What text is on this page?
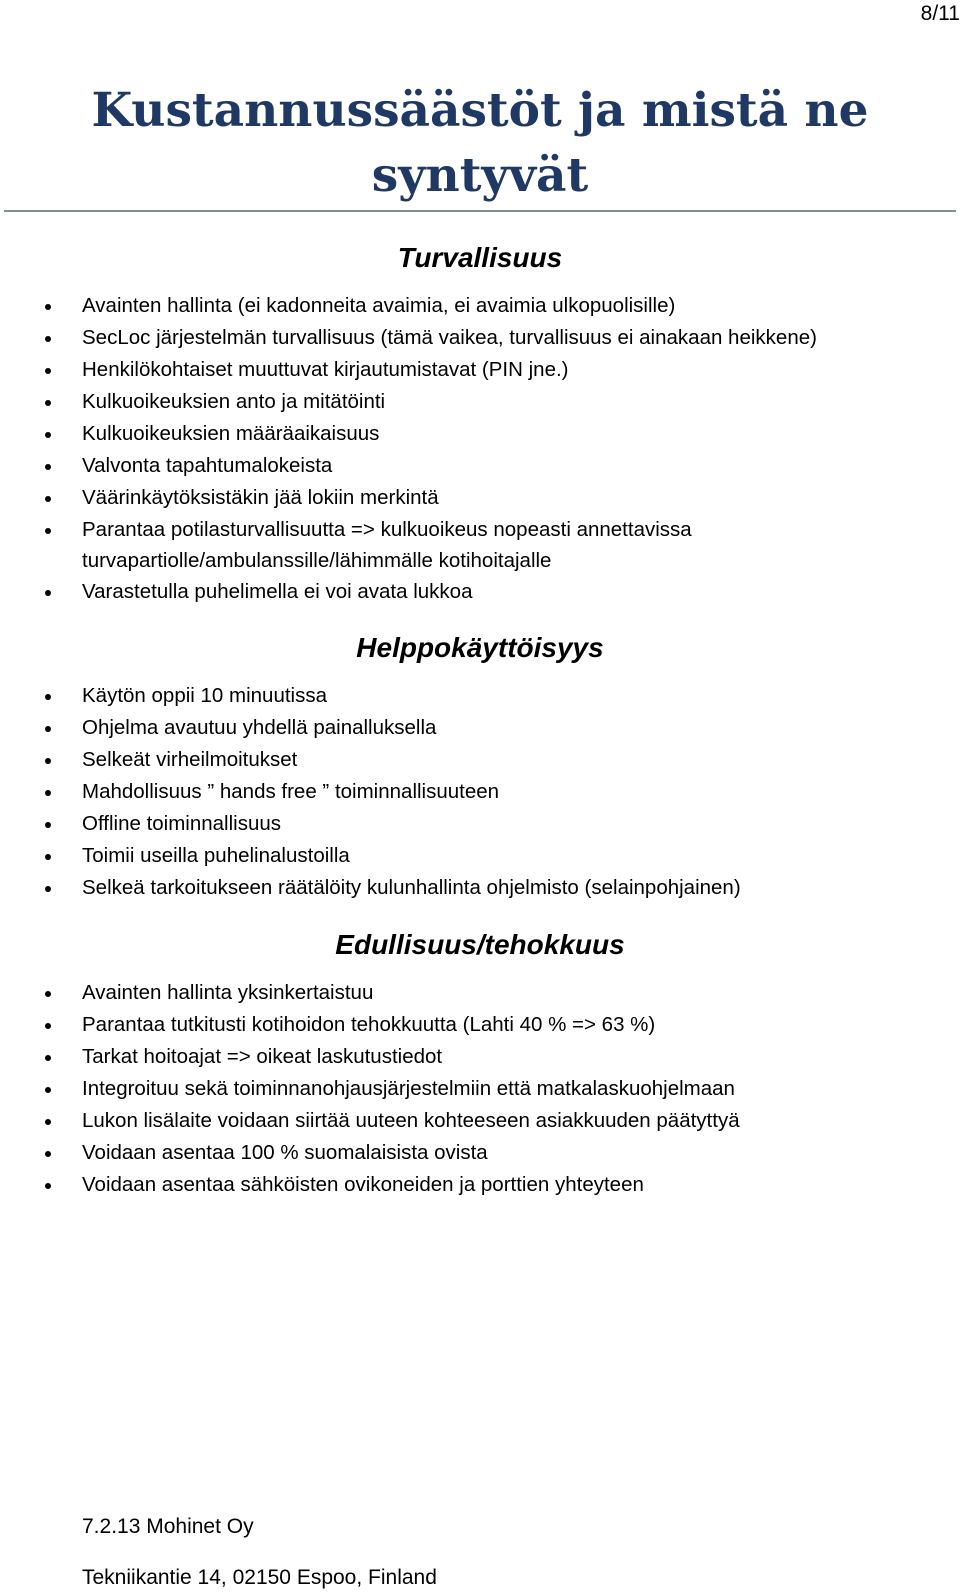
8/11
Kustannussäästöt ja mistä ne
syntyvät
Turvallisuus
Avainten hallinta (ei kadonneita avaimia, ei avaimia ulkopuolisille)
SecLoc järjestelmän turvallisuus (tämä vaikea, turvallisuus ei ainakaan heikkene)
Henkilökohtaiset muuttuvat kirjautumistavat (PIN jne.)
Kulkuoikeuksien anto ja mitätöinti
Kulkuoikeuksien määräaikaisuus
Valvonta tapahtumalokeista
Väärinkäytöksistäkin jää lokiin merkintä
Parantaa potilasturvallisuutta => kulkuoikeus nopeasti annettavissa
turvapartiolle/ambulanssille/lähimmälle kotihoitajalle
Varastetulla puhelimella ei voi avata lukkoa
Helppokäyttöisyys
Käytön oppii 10 minuutissa
Ohjelma avautuu yhdellä painalluksella
Selkeät virheilmoitukset
Mahdollisuus ” hands free ” toiminnallisuuteen
Offline toiminnallisuus
Toimii useilla puhelinalustoilla
Selkeä tarkoitukseen räätälöity kulunhallinta ohjelmisto (selainpohjainen)
Edullisuus/tehokkuus
Avainten hallinta yksinkertaistuu
Parantaa tutkitusti kotihoidon tehokkuutta (Lahti 40 % => 63 %)
Tarkat hoitoajat => oikeat laskutustiedot
Integroituu sekä toiminnanohjausjärjestelmiin että matkalaskuohjelmaan
Lukon lisälaite voidaan siirtää uuteen kohteeseen asiakkuuden päätyttyä
Voidaan asentaa 100 % suomalaisista ovista
Voidaan asentaa sähköisten ovikoneiden ja porttien yhteyteen
7.2.13 Mohinet Oy
Tekniikantie 14, 02150 Espoo, Finland
